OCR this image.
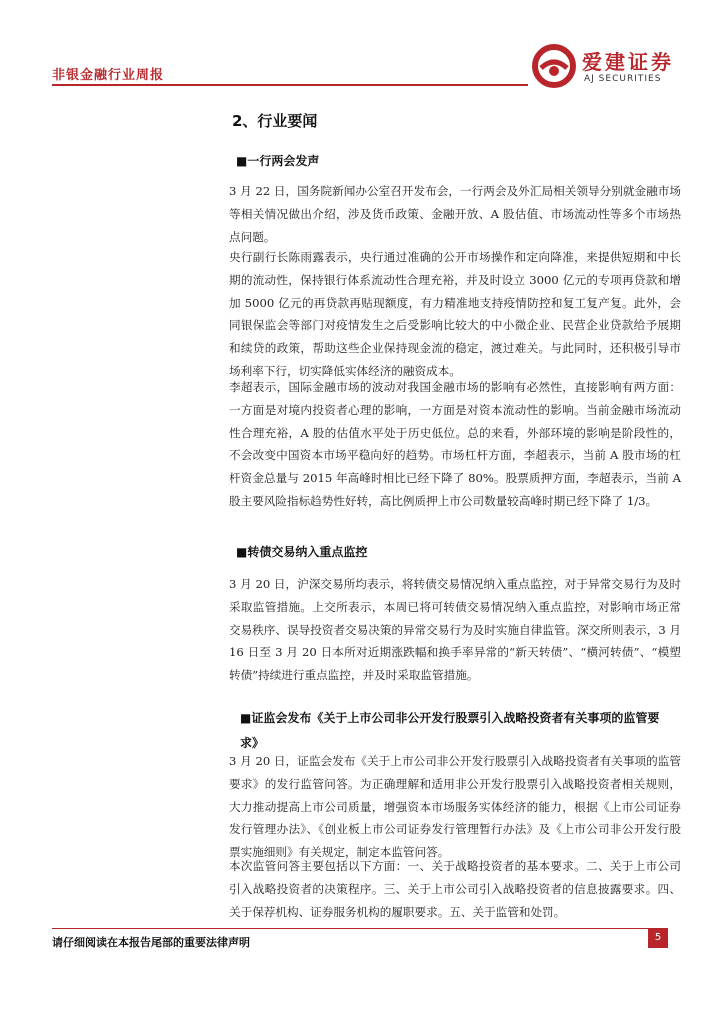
非银金融行业周报
爱建证券
AJ SECURITIES
2、行业要闻
■一行两会发声

3 月 22 日，国务院新闻办公室召开发布会，一行两会及外汇局相关领导分别就金融市场等相关情况做出介绍，涉及货币政策、金融开放、A 股估值、市场流动性等多个市场热点问题。

央行副行长陈雨露表示，央行通过准确的公开市场操作和定向降准，来提供短期和中长期的流动性，保持银行体系流动性合理充裕，并及时设立 3000 亿元的专项再贷款和增加 5000 亿元的再贷款再贴现额度，有力精准地支持疫情防控和复工复产复。此外，会同银保监会等部门对疫情发生之后受影响比较大的中小微企业、民营企业贷款给予展期和续贷的政策，帮助这些企业保持现金流的稳定，渡过难关。与此同时，还积极引导市场利率下行，切实降低实体经济的融资成本。

李超表示，国际金融市场的波动对我国金融市场的影响有必然性，直接影响有两方面：一方面是对境内投资者心理的影响，一方面是对资本流动性的影响。当前金融市场流动性合理充裕，A 股的估值水平处于历史低位。总的来看，外部环境的影响是阶段性的，不会改变中国资本市场平稳向好的趋势。市场杠杆方面，李超表示，当前 A 股市场的杠杆资金总量与 2015 年高峰时相比已经下降了 80%。股票质押方面，李超表示，当前 A 股主要风险指标趋势性好转，高比例质押上市公司数量较高峰时期已经下降了 1/3。

■转债交易纳入重点监控

3 月 20 日，沪深交易所均表示，将转债交易情况纳入重点监控，对于异常交易行为及时采取监管措施。上交所表示，本周已将可转债交易情况纳入重点监控，对影响市场正常交易秩序、误导投资者交易决策的异常交易行为及时实施自律监管。深交所则表示，3 月 16 日至 3 月 20 日本所对近期涨跌幅和换手率异常的“新天转债”、“横河转债”、“模塑转债”持续进行重点监控，并及时采取监管措施。

■证监会发布《关于上市公司非公开发行股票引入战略投资者有关事项的监管要求》

3 月 20 日，证监会发布《关于上市公司非公开发行股票引入战略投资者有关事项的监管要求》的发行监管问答。为正确理解和适用非公开发行股票引入战略投资者相关规则，大力推动提高上市公司质量，增强资本市场服务实体经济的能力，根据《上市公司证券发行管理办法》、《创业板上市公司证券发行管理暂行办法》及《上市公司非公开发行股票实施细则》有关规定，制定本监管问答。

本次监管问答主要包括以下方面：一、关于战略投资者的基本要求。二、关于上市公司引入战略投资者的决策程序。三、关于上市公司引入战略投资者的信息披露要求。四、关于保荐机构、证券服务机构的履职要求。五、关于监管和处罚。

请仔细阅读在本报告尾部的重要法律声明	5
